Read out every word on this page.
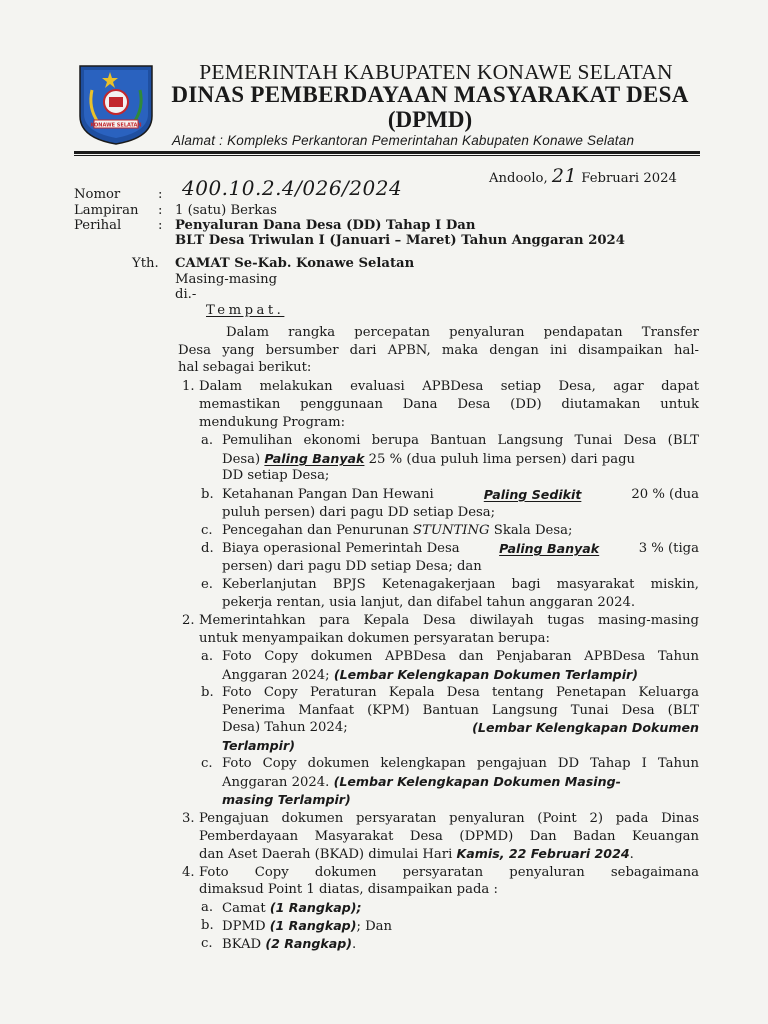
KONAWE SELATAN
PEMERINTAH KABUPATEN KONAWE SELATAN
DINAS PEMBERDAYAAN MASYARAKAT DESA
(DPMD)
Alamat : Kompleks Perkantoran Pemerintahan Kabupaten Konawe Selatan
Andoolo, 21 Februari 2024
Nomor	: 400.10.2.4/026/2024
Lampiran : 1 (satu) Berkas
Perihal	: Penyaluran Dana Desa (DD) Tahap I Dan
BLT Desa Triwulan I (Januari – Maret) Tahun Anggaran 2024
Yth. CAMAT Se-Kab. Konawe Selatan
Masing-masing
di.-
Tempat.
Dalam rangka percepatan penyaluran pendapatan Transfer
Desa yang bersumber dari APBN, maka dengan ini disampaikan hal-
hal sebagai berikut:
1. Dalam melakukan evaluasi APBDesa setiap Desa, agar dapat
memastikan penggunaan Dana Desa (DD) diutamakan untuk
mendukung Program:
a. Pemulihan ekonomi berupa Bantuan Langsung Tunai Desa (BLT
Desa) Paling Banyak 25 % (dua puluh lima persen) dari pagu
DD setiap Desa;
b. Ketahanan Pangan Dan Hewani	Paling Sedikit	20 % (dua
puluh persen) dari pagu DD setiap Desa;
c. Pencegahan dan Penurunan STUNTING Skala Desa;
d. Biaya operasional Pemerintah Desa	Paling Banyak	3 % (tiga
persen) dari pagu DD setiap Desa; dan
e. Keberlanjutan BPJS Ketenagakerjaan bagi masyarakat miskin,
pekerja rentan, usia lanjut, dan difabel tahun anggaran 2024.
2. Memerintahkan para Kepala Desa diwilayah tugas masing-masing
untuk menyampaikan dokumen persyaratan berupa:
a. Foto Copy dokumen APBDesa dan Penjabaran APBDesa Tahun
Anggaran 2024; (Lembar Kelengkapan Dokumen Terlampir)
b. Foto Copy Peraturan Kepala Desa tentang Penetapan Keluarga
Penerima Manfaat (KPM) Bantuan Langsung Tunai Desa (BLT
Desa) Tahun 2024;	(Lembar Kelengkapan Dokumen
Terlampir)
c. Foto Copy dokumen kelengkapan pengajuan DD Tahap I Tahun
Anggaran 2024. (Lembar Kelengkapan Dokumen Masing-
masing Terlampir)
3. Pengajuan dokumen persyaratan penyaluran (Point 2) pada Dinas
Pemberdayaan Masyarakat Desa (DPMD) Dan Badan Keuangan
dan Aset Daerah (BKAD) dimulai Hari Kamis, 22 Februari 2024.
4. Foto Copy dokumen persyaratan penyaluran sebagaimana
dimaksud Point 1 diatas, disampaikan pada :
a. Camat (1 Rangkap);
b. DPMD (1 Rangkap); Dan
c. BKAD (2 Rangkap).
